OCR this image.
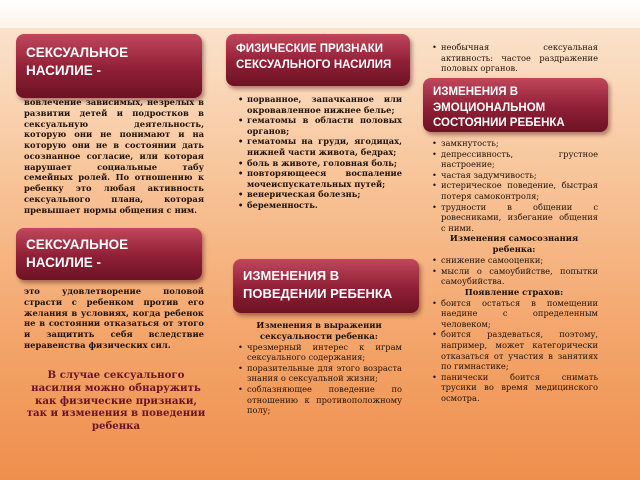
СЕКСУАЛЬНОЕ
НАСИЛИЕ -
вовлечение зависимых, незрелых в развитии детей и подростков в сексуальную деятельность, которую они не понимают и на которую они не в состоянии дать осознанное согласие, или которая нарушает социальные табу семейных ролей. По отношению к ребенку это любая активность сексуального плана, которая превышает нормы общения с ним.
СЕКСУАЛЬНОЕ
НАСИЛИЕ -
это удовлетворение половой страсти с ребенком против его желания в условиях, когда ребенок не в состоянии отказаться от этого и защитить себя вследствие неравенства физических сил.
В случае сексуального насилия можно обнаружить как физические признаки, так и изменения в поведении ребенка
ФИЗИЧЕСКИЕ ПРИЗНАКИ
СЕКСУАЛЬНОГО НАСИЛИЯ
• порванное, запачканное или окровавленное нижнее белье;
• гематомы в области половых органов;
• гематомы на груди, ягодицах, нижней части живота, бедрах;
• боль в животе, головная боль;
• повторяющееся воспаление мочеиспускательных путей;
• венерическая болезнь;
• беременность.
ИЗМЕНЕНИЯ В
ПОВЕДЕНИИ РЕБЕНКА
Изменения в выражении сексуальности ребенка:
• чрезмерный интерес к играм сексуального содержания;
• поразительные для этого возраста знания о сексуальной жизни;
• соблазняющее поведение по отношению к противоположному полу;
• необычная сексуальная активность: частое раздражение половых органов.
ИЗМЕНЕНИЯ В
ЭМОЦИОНАЛЬНОМ
СОСТОЯНИИ РЕБЕНКА
• замкнутость;
• депрессивность, грустное настроение;
• частая задумчивость;
• истерическое поведение, быстрая потеря самоконтроля;
• трудности в общении с ровесниками, избегание общения с ними.
Изменения самосознания ребенка:
• снижение самооценки;
• мысли о самоубийстве, попытки самоубийства.
Появление страхов:
• боится остаться в помещении наедине с определенным человеком;
• боится раздеваться, поэтому, например, может категорически отказаться от участия в занятиях по гимнастике;
• панически боится снимать трусики во время медицинского осмотра.
